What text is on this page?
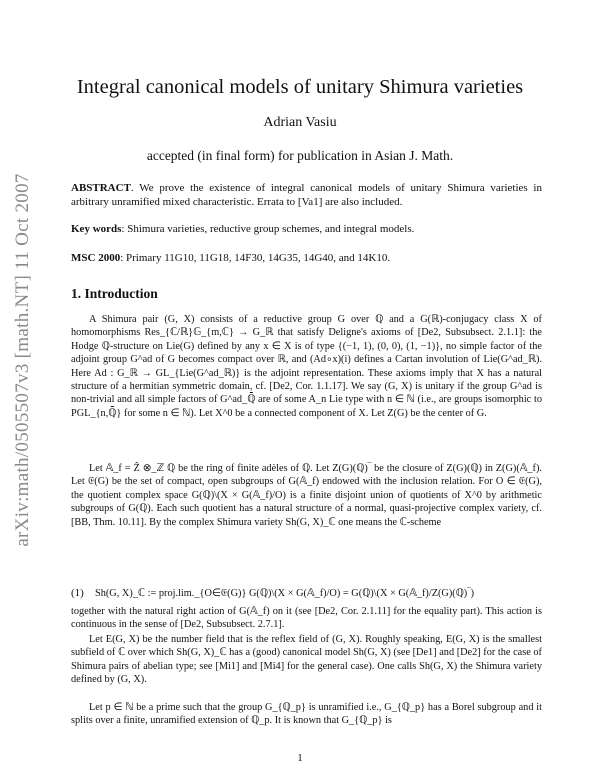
arXiv:math/0505507v3 [math.NT] 11 Oct 2007
Integral canonical models of unitary Shimura varieties
Adrian Vasiu
accepted (in final form) for publication in Asian J. Math.
ABSTRACT. We prove the existence of integral canonical models of unitary Shimura varieties in arbitrary unramified mixed characteristic. Errata to [Va1] are also included.
Key words: Shimura varieties, reductive group schemes, and integral models.
MSC 2000: Primary 11G10, 11G18, 14F30, 14G35, 14G40, and 14K10.
1. Introduction

A Shimura pair (G, X) consists of a reductive group G over ℚ and a G(ℝ)-conjugacy class X of homomorphisms Res_{ℂ/ℝ}𝔾_{m,ℂ} → G_ℝ that satisfy Deligne's axioms of [De2, Subsubsect. 2.1.1]: the Hodge ℚ-structure on Lie(G) defined by any x ∈ X is of type {(−1, 1), (0, 0), (1, −1)}, no simple factor of the adjoint group G^ad of G becomes compact over ℝ, and (Ad∘x)(i) defines a Cartan involution of Lie(G^ad_ℝ). Here Ad : G_ℝ → GL_{Lie(G^ad_ℝ)} is the adjoint representation. These axioms imply that X has a natural structure of a hermitian symmetric domain, cf. [De2, Cor. 1.1.17]. We say (G, X) is unitary if the group G^ad is non-trivial and all simple factors of G^ad_ℚ̄ are of some A_n Lie type with n ∈ ℕ (i.e., are groups isomorphic to PGL_{n,ℚ̄} for some n ∈ ℕ). Let X^0 be a connected component of X. Let Z(G) be the center of G.

Let 𝔸_f = Ẑ ⊗_ℤ ℚ be the ring of finite adèles of ℚ. Let Z(G)(ℚ)‾ be the closure of Z(G)(ℚ) in Z(G)(𝔸_f). Let 𝔈(G) be the set of compact, open subgroups of G(𝔸_f) endowed with the inclusion relation. For O ∈ 𝔈(G), the quotient complex space G(ℚ)\(X × G(𝔸_f)/O) is a finite disjoint union of quotients of X^0 by arithmetic subgroups of G(ℚ). Each such quotient has a natural structure of a normal, quasi-projective complex variety, cf. [BB, Thm. 10.11]. By the complex Shimura variety Sh(G, X)_ℂ one means the ℂ-scheme

(1) Sh(G, X)_ℂ := proj.lim._{O∈𝔈(G)} G(ℚ)\(X × G(𝔸_f)/O) = G(ℚ)\(X × G(𝔸_f)/Z(G)(ℚ)‾)

together with the natural right action of G(𝔸_f) on it (see [De2, Cor. 2.1.11] for the equality part). This action is continuous in the sense of [De2, Subsubsect. 2.7.1].

Let E(G, X) be the number field that is the reflex field of (G, X). Roughly speaking, E(G, X) is the smallest subfield of ℂ over which Sh(G, X)_ℂ has a (good) canonical model Sh(G, X) (see [De1] and [De2] for the case of Shimura pairs of abelian type; see [Mi1] and [Mi4] for the general case). One calls Sh(G, X) the Shimura variety defined by (G, X).

Let p ∈ ℕ be a prime such that the group G_{ℚ_p} is unramified i.e., G_{ℚ_p} has a Borel subgroup and it splits over a finite, unramified extension of ℚ_p. It is known that G_{ℚ_p} is

1
